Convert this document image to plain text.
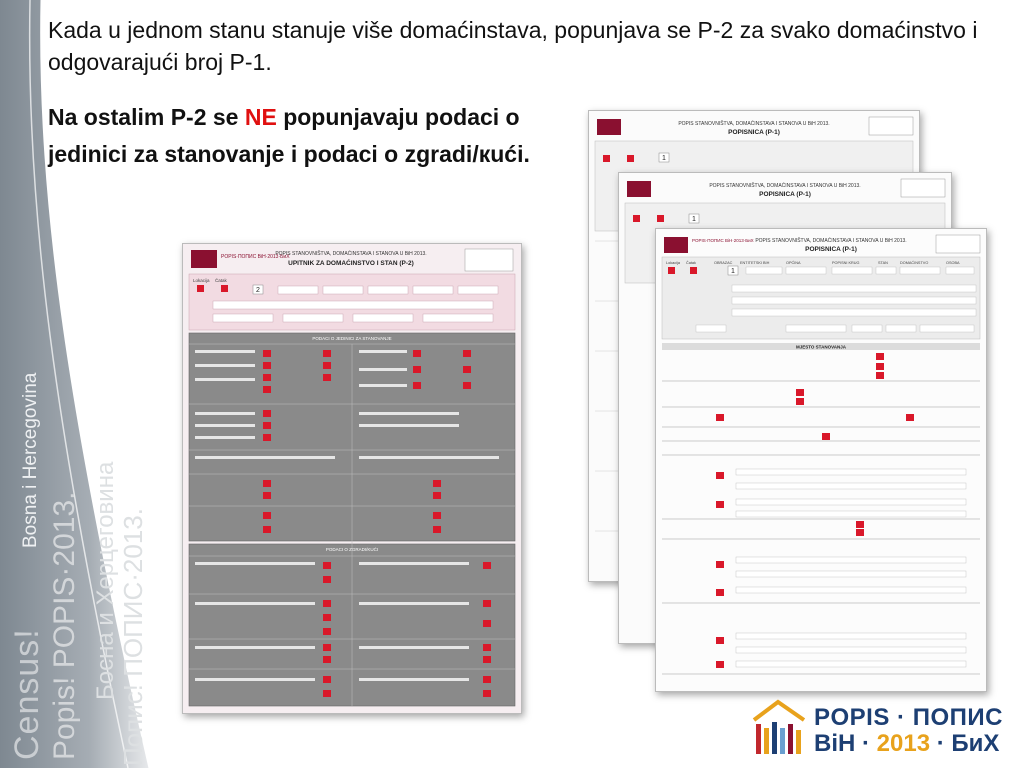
Census! Popis! POPIS·2013.
Bosna i Hercegovina
Босна и Херцеговина Попис! ПОПИС·2013.
Kada u jednom stanu stanuje više domaćinstava, popunjava se P-2 za svako domaćinstvo i odgovarajući broj P-1.
Na ostalim P-2 se NE popunjavaju podaci o jedinici za stanovanje i podaci o zgradi/кući.
POPIS·ПОПИС BiH·2013·БиХ
POPIS STANOVNIŠTVA, DOMAĆINSTAVA I STANOVA U BiH 2013.
UPITNIK ZA DOMAĆINSTVO I STAN (P-2)
Lokacija Čatak
2
PODACI O JEDINICI ZA STANOVANJE
PODACI O ZGRADI/KUĆI
POPIS STANOVNIŠTVA, DOMAĆINSTAVA I STANOVA U BiH 2013.
POPISNICA (P-1)
1
POPIS STANOVNIŠTVA, DOMAĆINSTAVA I STANOVA U BiH 2013.
POPISNICA (P-1)
1
POPIS·ПОПИС BiH·2013·БиХ POPIS STANOVNIŠTVA, DOMAĆINSTAVA I STANOVA U BiH 2013.
POPISNICA (P-1)
Lokacija Čatak	OBRAZAC ENTITETSKI BIH	OPĆINA	POPISNI KRUG	STAN	DOMAĆINSTVO	OSOBA
1
MJESTO STANOVANJA
POPIS · ПОПИС
BiH · 2013 · БиХ
